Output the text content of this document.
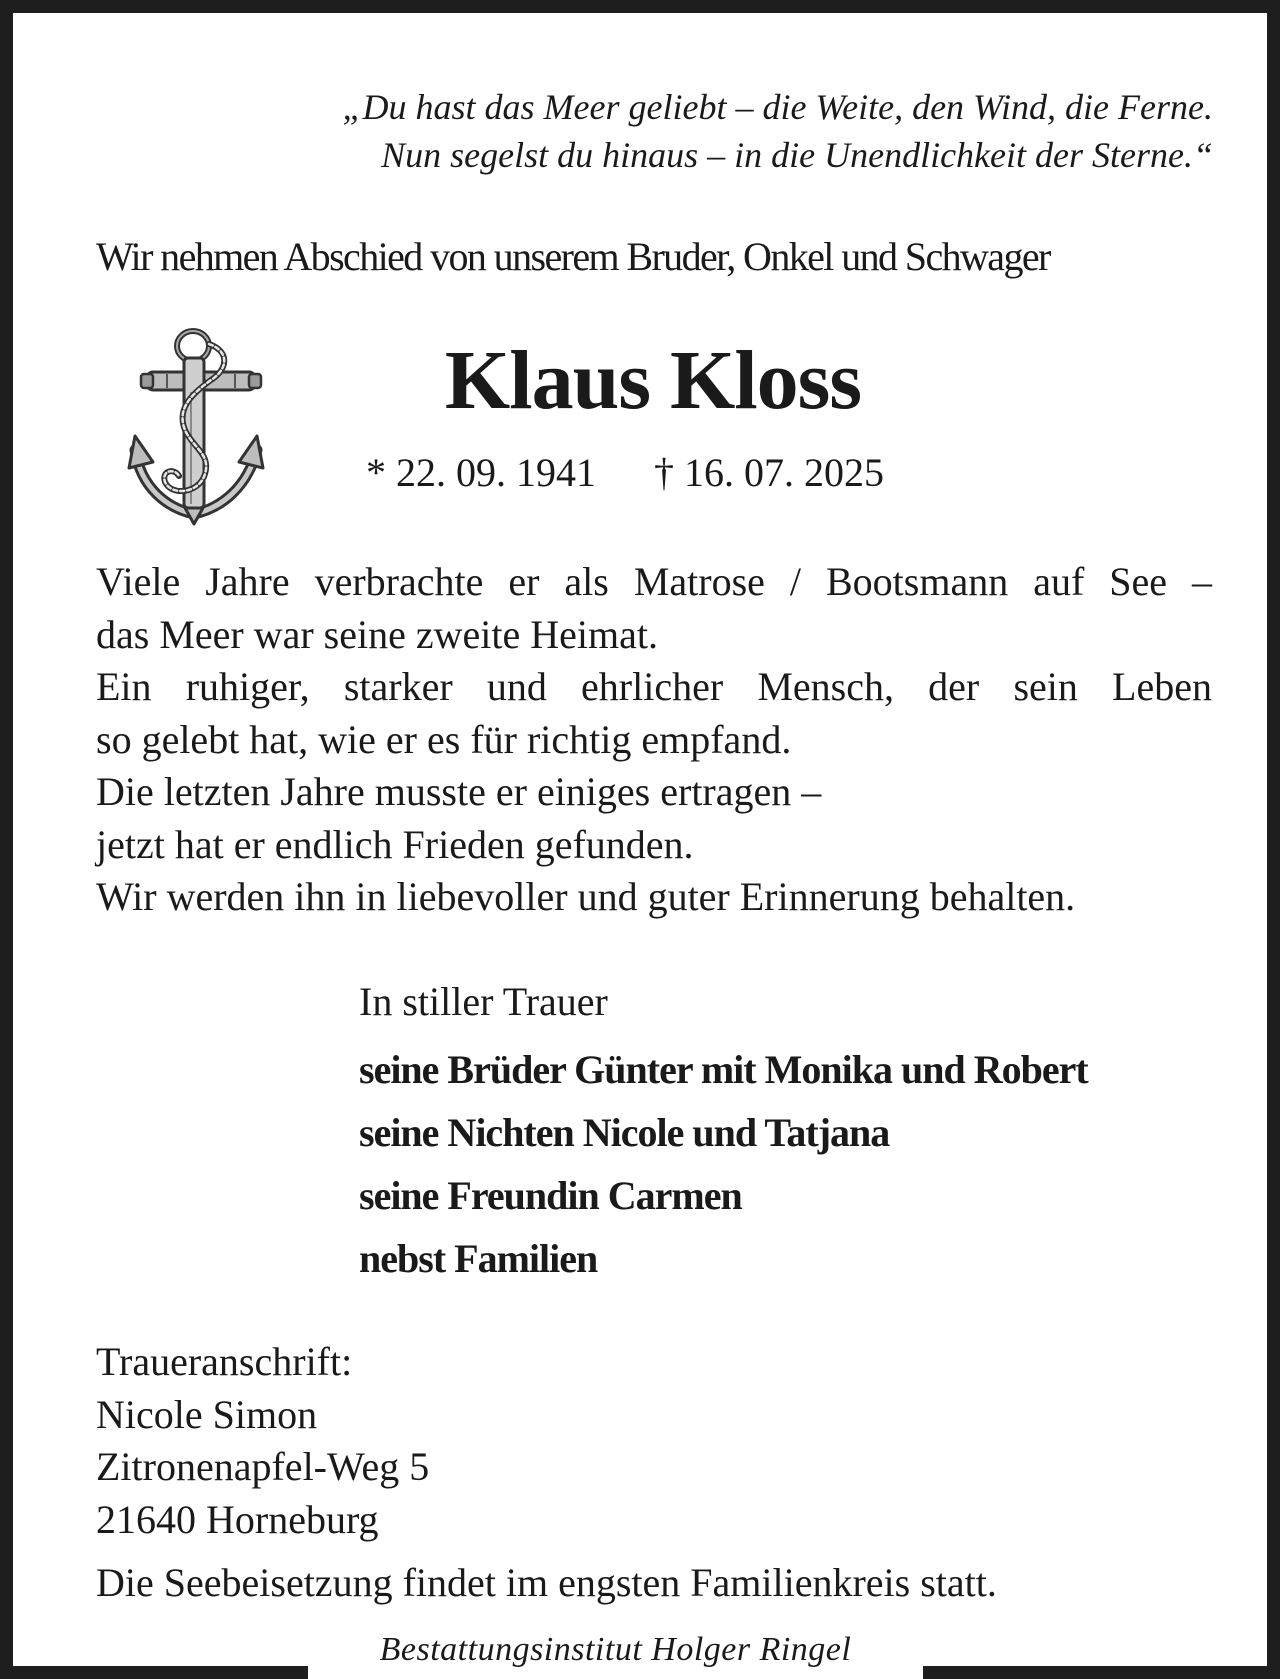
„Du hast das Meer geliebt – die Weite, den Wind, die Ferne.
Nun segelst du hinaus – in die Unendlichkeit der Sterne.“
Wir nehmen Abschied von unserem Bruder, Onkel und Schwager
Klaus Kloss
* 22. 09. 1941 † 16. 07. 2025
Viele Jahre verbrachte er als Matrose / Bootsmann auf See –
das Meer war seine zweite Heimat.
Ein ruhiger, starker und ehrlicher Mensch, der sein Leben
so gelebt hat, wie er es für richtig empfand.
Die letzten Jahre musste er einiges ertragen –
jetzt hat er endlich Frieden gefunden.
Wir werden ihn in liebevoller und guter Erinnerung behalten.
In stiller Trauer
seine Brüder Günter mit Monika und Robert
seine Nichten Nicole und Tatjana
seine Freundin Carmen
nebst Familien
Traueranschrift:
Nicole Simon
Zitronenapfel-Weg 5
21640 Horneburg
Die Seebeisetzung findet im engsten Familienkreis statt.
Bestattungsinstitut Holger Ringel
